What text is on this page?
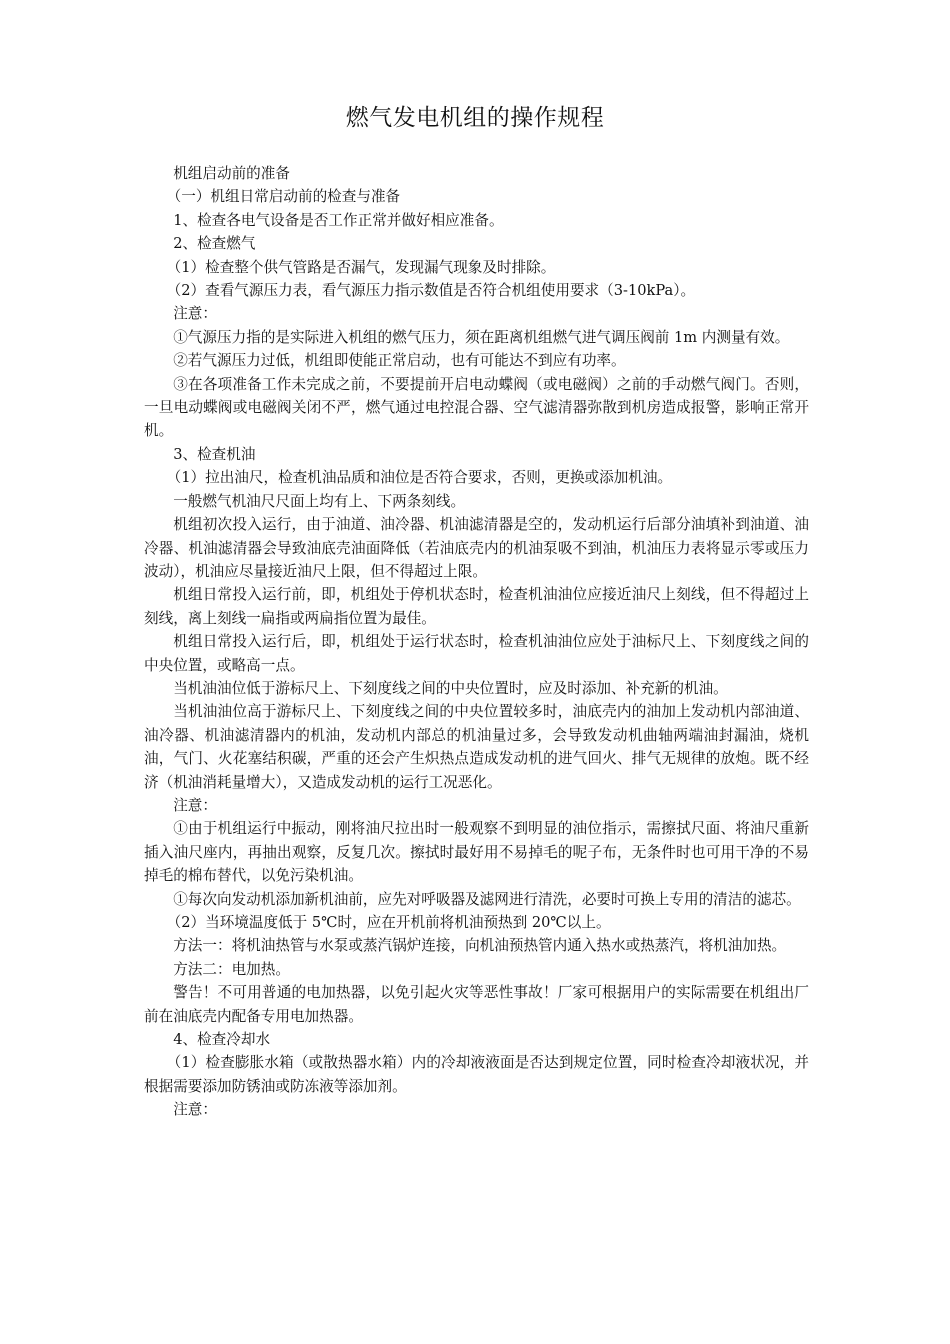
燃气发电机组的操作规程

机组启动前的准备

（一）机组日常启动前的检查与准备

1、检查各电气设备是否工作正常并做好相应准备。

2、检查燃气

（1）检查整个供气管路是否漏气，发现漏气现象及时排除。

（2）查看气源压力表，看气源压力指示数值是否符合机组使用要求（3-10kPa）。

注意：

①气源压力指的是实际进入机组的燃气压力，须在距离机组燃气进气调压阀前 1m 内测量有效。

②若气源压力过低，机组即使能正常启动，也有可能达不到应有功率。

③在各项准备工作未完成之前，不要提前开启电动蝶阀（或电磁阀）之前的手动燃气阀门。否则，一旦电动蝶阀或电磁阀关闭不严，燃气通过电控混合器、空气滤清器弥散到机房造成报警，影响正常开机。

3、检查机油

（1）拉出油尺，检查机油品质和油位是否符合要求，否则，更换或添加机油。

一般燃气机油尺尺面上均有上、下两条刻线。

机组初次投入运行，由于油道、油冷器、机油滤清器是空的，发动机运行后部分油填补到油道、油冷器、机油滤清器会导致油底壳油面降低（若油底壳内的机油泵吸不到油，机油压力表将显示零或压力波动），机油应尽量接近油尺上限，但不得超过上限。

机组日常投入运行前，即，机组处于停机状态时，检查机油油位应接近油尺上刻线，但不得超过上刻线，离上刻线一扁指或两扁指位置为最佳。

机组日常投入运行后，即，机组处于运行状态时，检查机油油位应处于油标尺上、下刻度线之间的中央位置，或略高一点。

当机油油位低于游标尺上、下刻度线之间的中央位置时，应及时添加、补充新的机油。

当机油油位高于游标尺上、下刻度线之间的中央位置较多时，油底壳内的油加上发动机内部油道、油冷器、机油滤清器内的机油，发动机内部总的机油量过多，会导致发动机曲轴两端油封漏油，烧机油，气门、火花塞结积碳，严重的还会产生炽热点造成发动机的进气回火、排气无规律的放炮。既不经济（机油消耗量增大），又造成发动机的运行工况恶化。

注意：

①由于机组运行中振动，刚将油尺拉出时一般观察不到明显的油位指示，需擦拭尺面、将油尺重新插入油尺座内，再抽出观察，反复几次。擦拭时最好用不易掉毛的呢子布，无条件时也可用干净的不易掉毛的棉布替代，以免污染机油。

①每次向发动机添加新机油前，应先对呼吸器及滤网进行清洗，必要时可换上专用的清洁的滤芯。

（2）当环境温度低于 5℃时，应在开机前将机油预热到 20℃以上。

方法一：将机油热管与水泵或蒸汽锅炉连接，向机油预热管内通入热水或热蒸汽，将机油加热。

方法二：电加热。

警告！不可用普通的电加热器，以免引起火灾等恶性事故！厂家可根据用户的实际需要在机组出厂前在油底壳内配备专用电加热器。

4、检查冷却水

（1）检查膨胀水箱（或散热器水箱）内的冷却液液面是否达到规定位置，同时检查冷却液状况，并根据需要添加防锈油或防冻液等添加剂。

注意：
